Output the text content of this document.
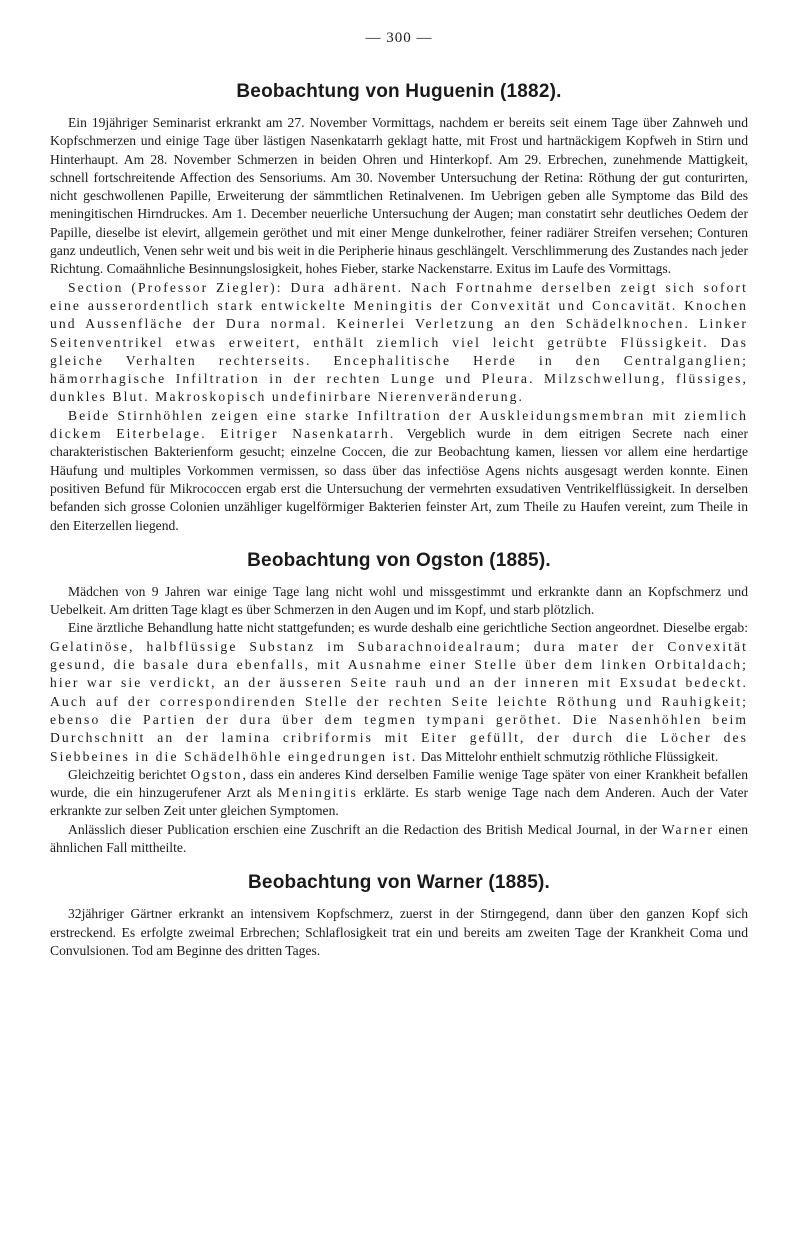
— 300 —
Beobachtung von Huguenin (1882).

Ein 19jähriger Seminarist erkrankt am 27. November Vormittags, nachdem er bereits seit einem Tage über Zahnweh und Kopfschmerzen und einige Tage über lästigen Nasenkatarrh geklagt hatte, mit Frost und hartnäckigem Kopfweh in Stirn und Hinterhaupt. Am 28. November Schmerzen in beiden Ohren und Hinterkopf. Am 29. Erbrechen, zunehmende Mattigkeit, schnell fortschreitende Affection des Sensoriums. Am 30. November Untersuchung der Retina: Röthung der gut conturirten, nicht geschwollenen Papille, Erweiterung der sämmtlichen Retinalvenen. Im Uebrigen geben alle Symptome das Bild des meningitischen Hirndruckes. Am 1. December neuerliche Untersuchung der Augen; man constatirt sehr deutliches Oedem der Papille, dieselbe ist elevirt, allgemein geröthet und mit einer Menge dunkelrother, feiner radiärer Streifen versehen; Conturen ganz undeutlich, Venen sehr weit und bis weit in die Peripherie hinaus geschlängelt. Verschlimmerung des Zustandes nach jeder Richtung. Comaähnliche Besinnungslosigkeit, hohes Fieber, starke Nackenstarre. Exitus im Laufe des Vormittags.

Section (Professor Ziegler): Dura adhärent. Nach Fortnahme derselben zeigt sich sofort eine ausserordentlich stark entwickelte Meningitis der Convexität und Concavität. Knochen und Aussenfläche der Dura normal. Keinerlei Verletzung an den Schädelknochen. Linker Seitenventrikel etwas erweitert, enthält ziemlich viel leicht getrübte Flüssigkeit. Das gleiche Verhalten rechterseits. Encephalitische Herde in den Centralganglien; hämorrhagische Infiltration in der rechten Lunge und Pleura. Milzschwellung, flüssiges, dunkles Blut. Makroskopisch undefinirbare Nierenveränderung.

Beide Stirnhöhlen zeigen eine starke Infiltration der Auskleidungsmembran mit ziemlich dickem Eiterbelage. Eitriger Nasenkatarrh. Vergeblich wurde in dem eitrigen Secrete nach einer charakteristischen Bakterienform gesucht; einzelne Coccen, die zur Beobachtung kamen, liessen vor allem eine herdartige Häufung und multiples Vorkommen vermissen, so dass über das infectiöse Agens nichts ausgesagt werden konnte. Einen positiven Befund für Mikrococcen ergab erst die Untersuchung der vermehrten exsudativen Ventrikelflüssigkeit. In derselben befanden sich grosse Colonien unzähliger kugelförmiger Bakterien feinster Art, zum Theile zu Haufen vereint, zum Theile in den Eiterzellen liegend.

Beobachtung von Ogston (1885).

Mädchen von 9 Jahren war einige Tage lang nicht wohl und missgestimmt und erkrankte dann an Kopfschmerz und Uebelkeit. Am dritten Tage klagt es über Schmerzen in den Augen und im Kopf, und starb plötzlich.

Eine ärztliche Behandlung hatte nicht stattgefunden; es wurde deshalb eine gerichtliche Section angeordnet. Dieselbe ergab: Gelatinöse, halbflüssige Substanz im Subarachnoidealraum; dura mater der Convexität gesund, die basale dura ebenfalls, mit Ausnahme einer Stelle über dem linken Orbitaldach; hier war sie verdickt, an der äusseren Seite rauh und an der inneren mit Exsudat bedeckt. Auch auf der correspondirenden Stelle der rechten Seite leichte Röthung und Rauhigkeit; ebenso die Partien der dura über dem tegmen tympani geröthet. Die Nasenhöhlen beim Durchschnitt an der lamina cribriformis mit Eiter gefüllt, der durch die Löcher des Siebbeines in die Schädelhöhle eingedrungen ist. Das Mittelohr enthielt schmutzig röthliche Flüssigkeit.

Gleichzeitig berichtet Ogston, dass ein anderes Kind derselben Familie wenige Tage später von einer Krankheit befallen wurde, die ein hinzugerufener Arzt als Meningitis erklärte. Es starb wenige Tage nach dem Anderen. Auch der Vater erkrankte zur selben Zeit unter gleichen Symptomen.

Anlässlich dieser Publication erschien eine Zuschrift an die Redaction des British Medical Journal, in der Warner einen ähnlichen Fall mittheilte.

Beobachtung von Warner (1885).

32jähriger Gärtner erkrankt an intensivem Kopfschmerz, zuerst in der Stirngegend, dann über den ganzen Kopf sich erstreckend. Es erfolgte zweimal Erbrechen; Schlaflosigkeit trat ein und bereits am zweiten Tage der Krankheit Coma und Convulsionen. Tod am Beginne des dritten Tages.
